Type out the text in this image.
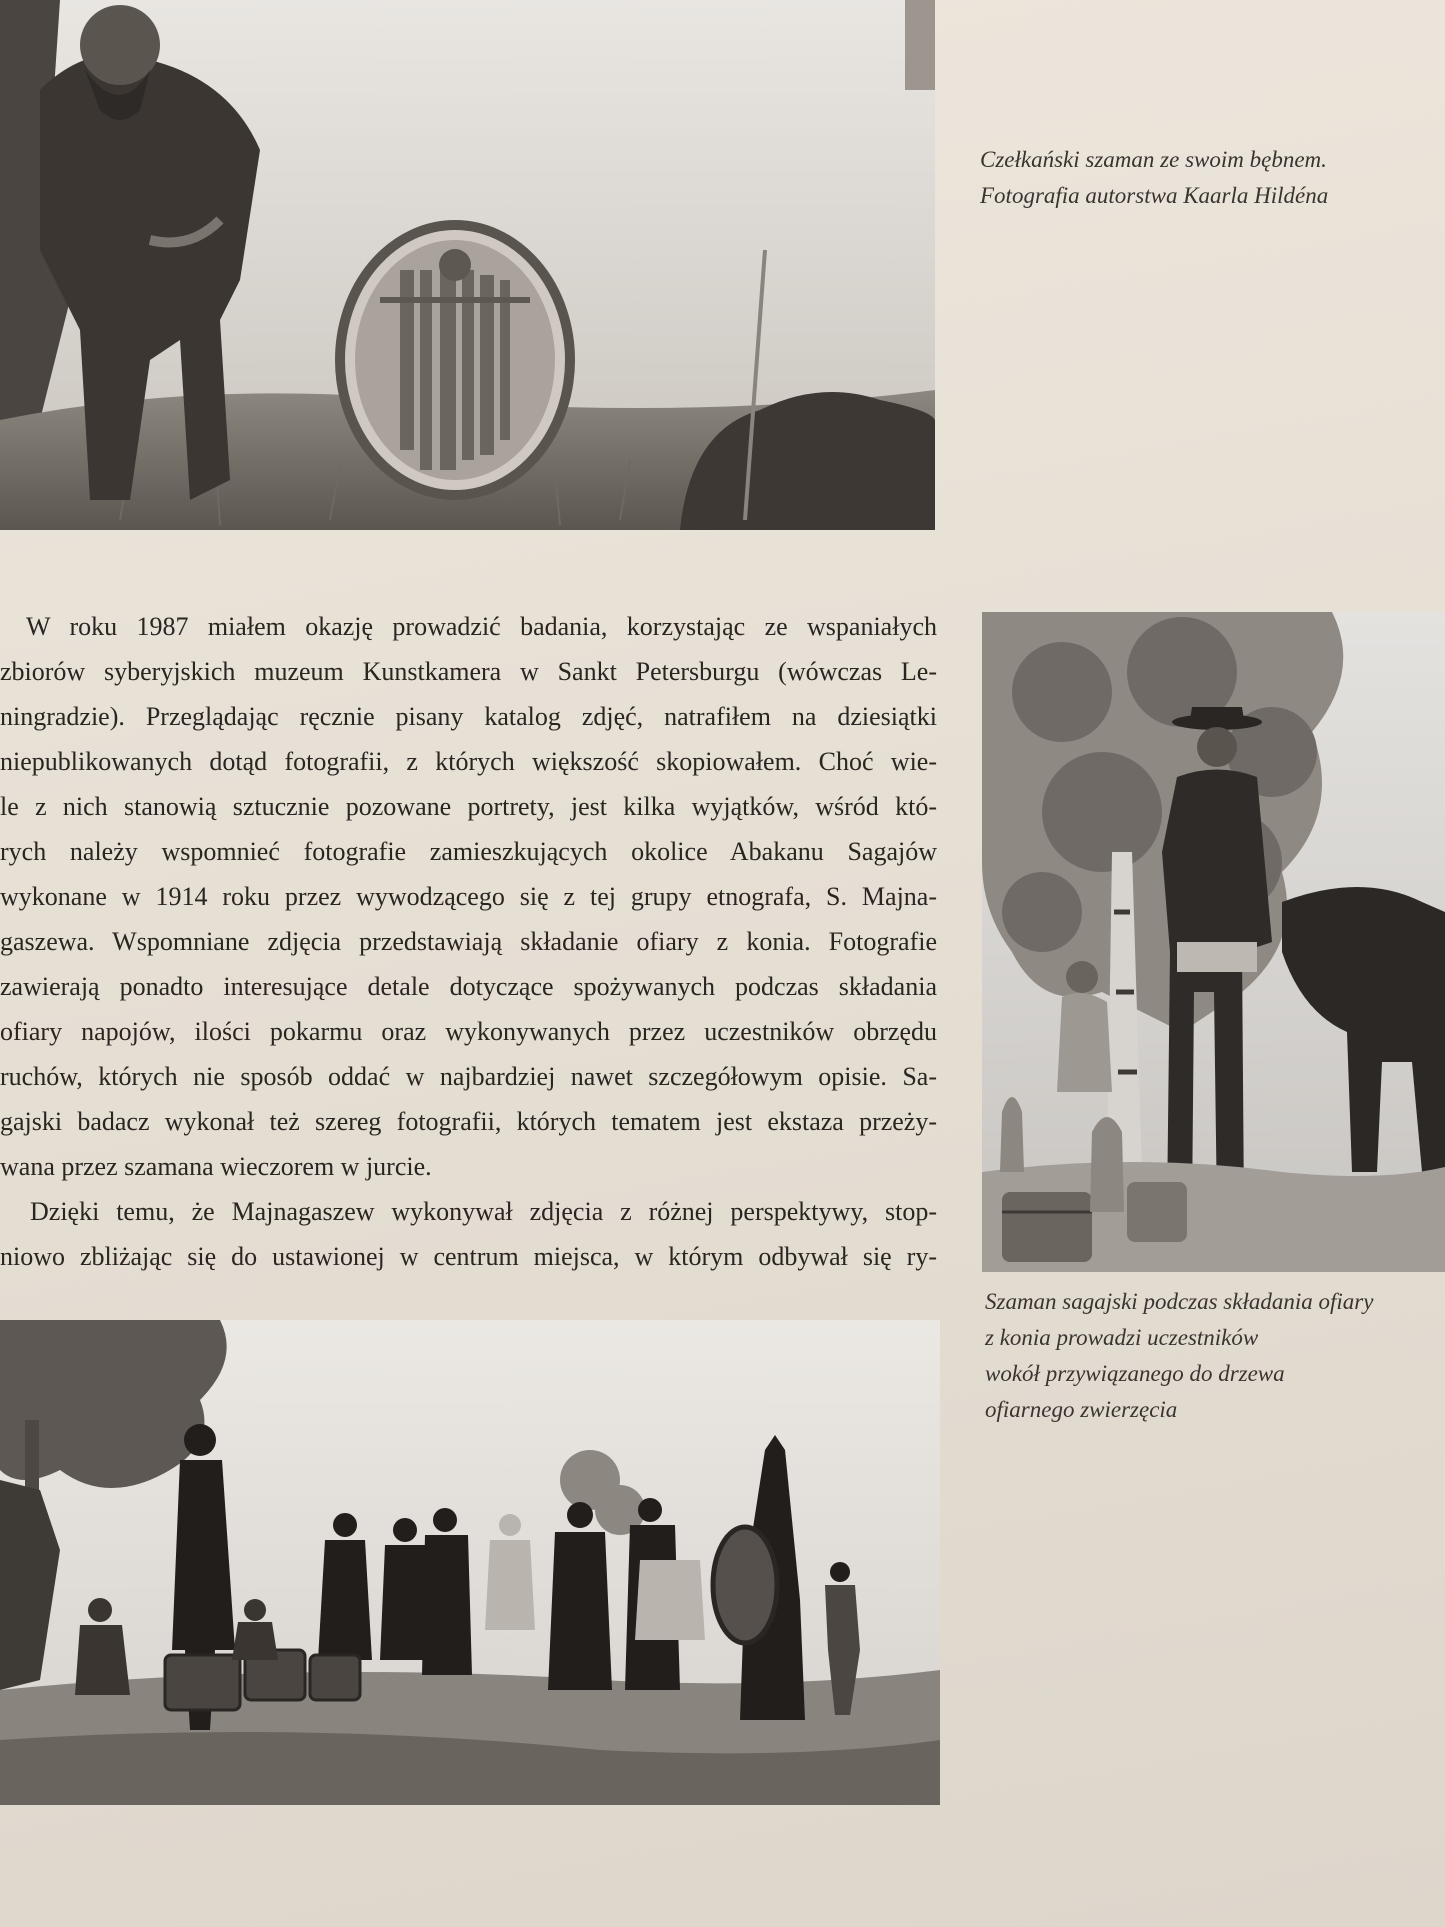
Czełkański szaman ze swoim bębnem.
Fotografia autorstwa Kaarla Hildéna

W roku 1987 miałem okazję prowadzić badania, korzystając ze wspaniałych
zbiorów syberyjskich muzeum Kunstkamera w Sankt Petersburgu (wówczas Le-
ningradzie). Przeglądając ręcznie pisany katalog zdjęć, natrafiłem na dziesiątki
niepublikowanych dotąd fotografii, z których większość skopiowałem. Choć wie-
le z nich stanowią sztucznie pozowane portrety, jest kilka wyjątków, wśród któ-
rych należy wspomnieć fotografie zamieszkujących okolice Abakanu Sagajów
wykonane w 1914 roku przez wywodzącego się z tej grupy etnografa, S. Majna-
gaszewa. Wspomniane zdjęcia przedstawiają składanie ofiary z konia. Fotografie
zawierają ponadto interesujące detale dotyczące spożywanych podczas składania
ofiary napojów, ilości pokarmu oraz wykonywanych przez uczestników obrzędu
ruchów, których nie sposób oddać w najbardziej nawet szczegółowym opisie. Sa-
gajski badacz wykonał też szereg fotografii, których tematem jest ekstaza przeży-
wana przez szamana wieczorem w jurcie.
Dzięki temu, że Majnagaszew wykonywał zdjęcia z różnej perspektywy, stop-
niowo zbliżając się do ustawionej w centrum miejsca, w którym odbywał się ry-

Szaman sagajski podczas składania ofiary
z konia prowadzi uczestników
wokół przywiązanego do drzewa
ofiarnego zwierzęcia
